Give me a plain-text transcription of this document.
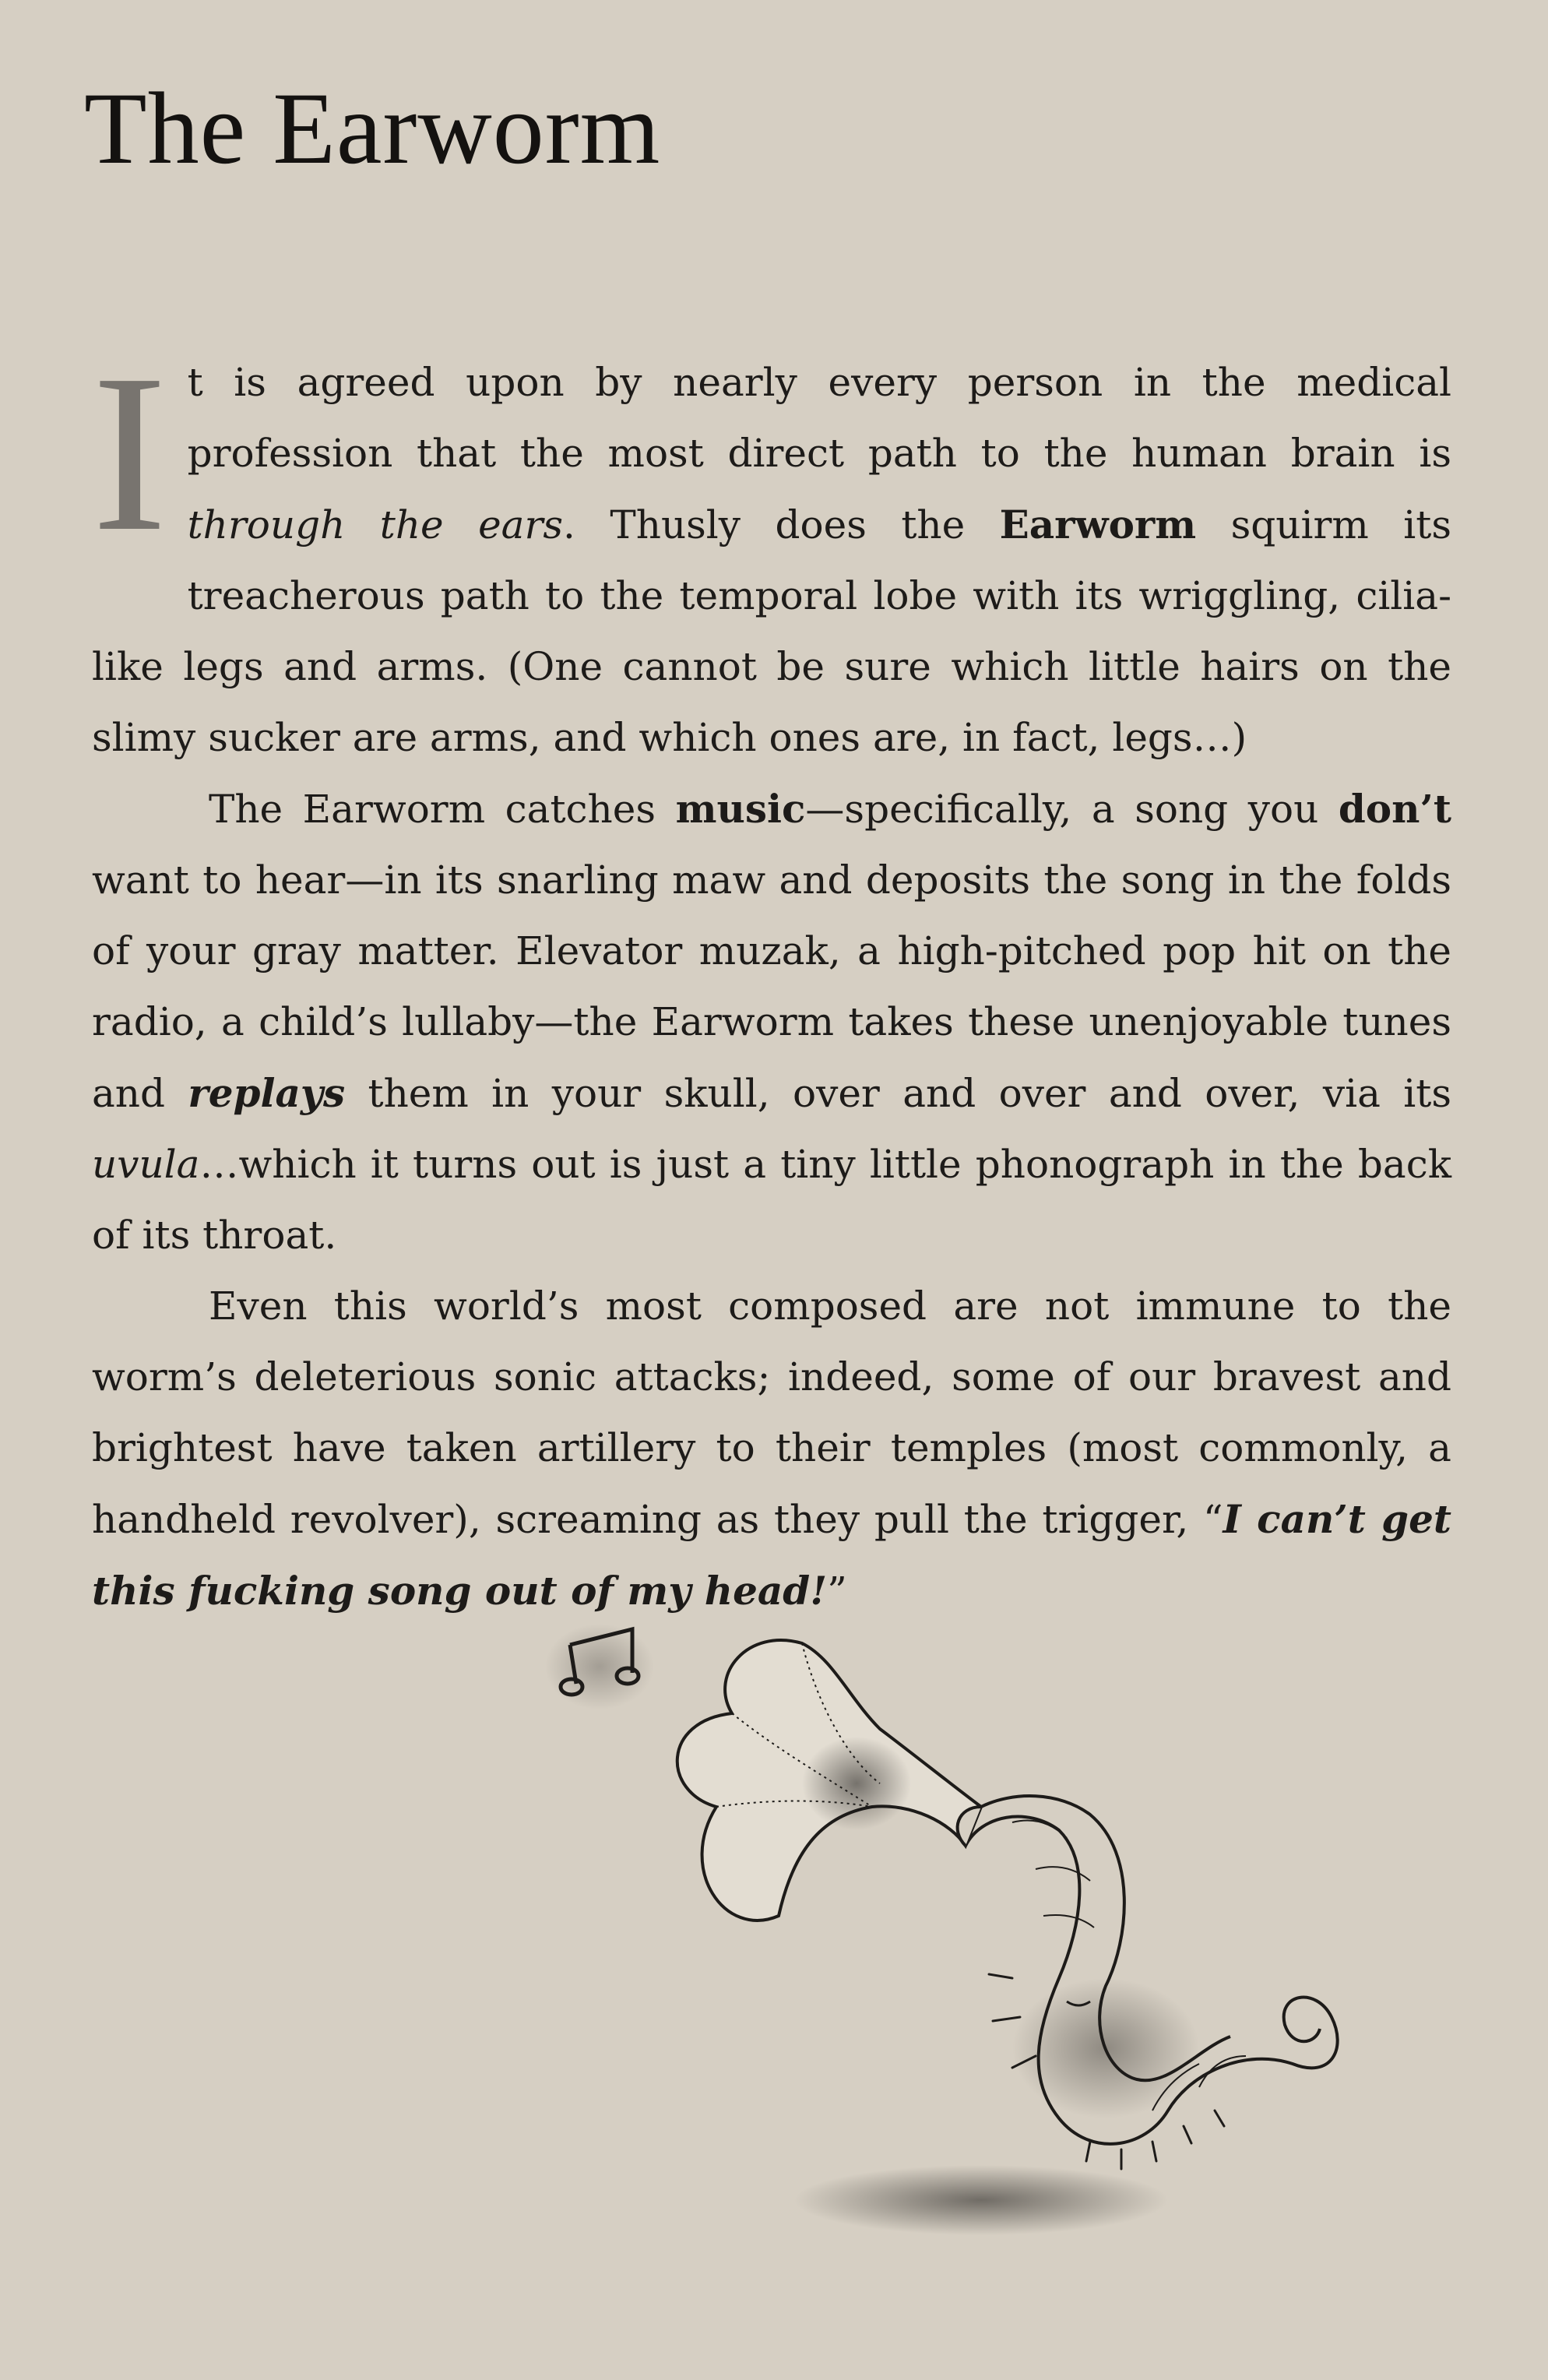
The Earworm

It is agreed upon by nearly every person in the medical profession that the most direct path to the human brain is through the ears. Thusly does the Earworm squirm its treacherous path to the temporal lobe with its wriggling, cilia-like legs and arms. (One cannot be sure which little hairs on the slimy sucker are arms, and which ones are, in fact, legs…)

The Earworm catches music—specifically, a song you don’t want to hear—in its snarling maw and deposits the song in the folds of your gray matter. Elevator muzak, a high-pitched pop hit on the radio, a child’s lullaby—the Earworm takes these unenjoyable tunes and replays them in your skull, over and over and over, via its uvula…which it turns out is just a tiny little phonograph in the back of its throat.

Even this world’s most composed are not immune to the worm’s deleterious sonic attacks; indeed, some of our bravest and brightest have taken artillery to their temples (most commonly, a handheld revolver), screaming as they pull the trigger, “I can’t get this fucking song out of my head!”
